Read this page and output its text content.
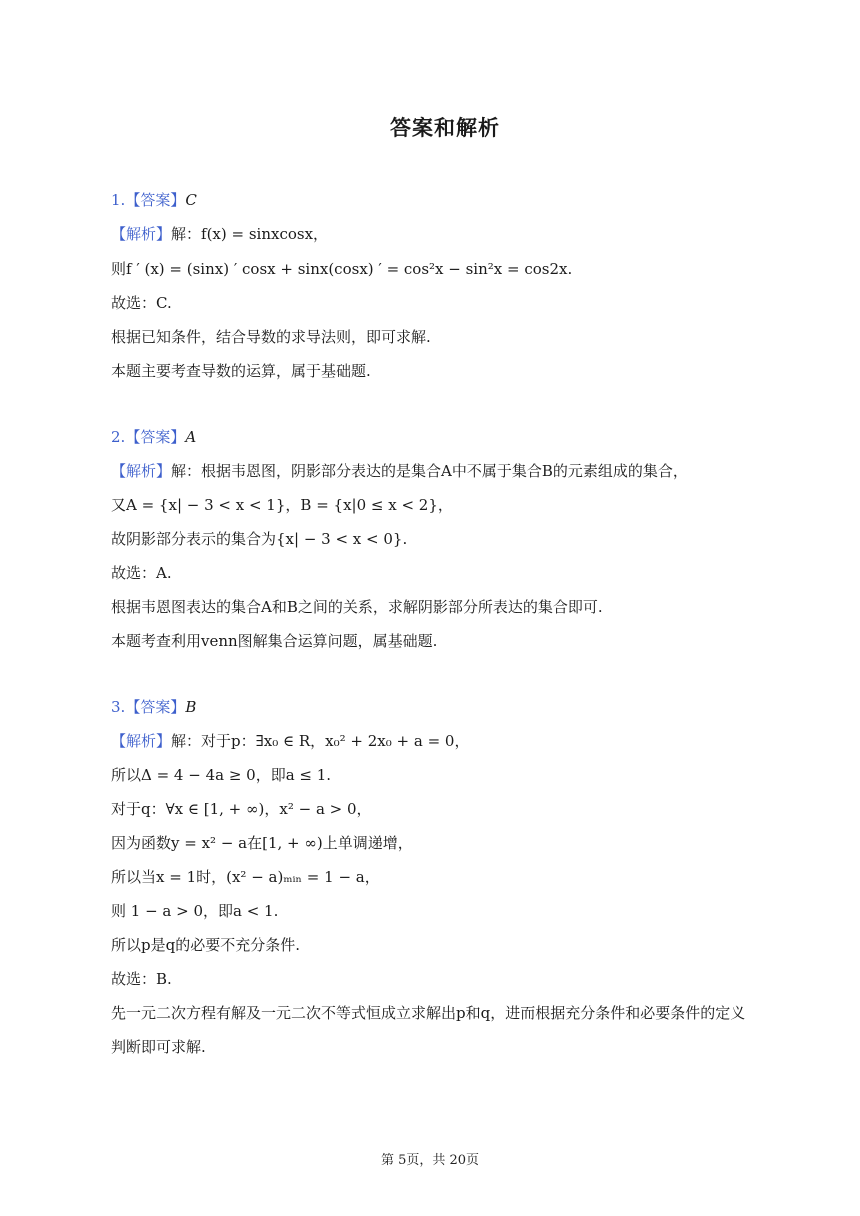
答案和解析
1.【答案】C
【解析】解：f(x) = sinxcosx，
则f ′ (x) = (sinx) ′ cosx + sinx(cosx) ′ = cos²x − sin²x = cos2x.
故选：C.
根据已知条件，结合导数的求导法则，即可求解.
本题主要考查导数的运算，属于基础题.
2.【答案】A
【解析】解：根据韦恩图，阴影部分表达的是集合A中不属于集合B的元素组成的集合，
又A = {x| − 3 < x < 1}，B = {x|0 ≤ x < 2}，
故阴影部分表示的集合为{x| − 3 < x < 0}.
故选：A.
根据韦恩图表达的集合A和B之间的关系，求解阴影部分所表达的集合即可.
本题考查利用venn图解集合运算问题，属基础题.
3.【答案】B
【解析】解：对于p：∃x₀ ∈ R，x₀² + 2x₀ + a = 0，
所以Δ = 4 − 4a ≥ 0，即a ≤ 1.
对于q：∀x ∈ [1, + ∞)，x² − a > 0，
因为函数y = x² − a在[1, + ∞)上单调递增，
所以当x = 1时，(x² − a)ₘᵢₙ = 1 − a，
则 1 − a > 0，即a < 1.
所以p是q的必要不充分条件.
故选：B.
先一元二次方程有解及一元二次不等式恒成立求解出p和q，进而根据充分条件和必要条件的定义
判断即可求解.
第 5页，共 20页
